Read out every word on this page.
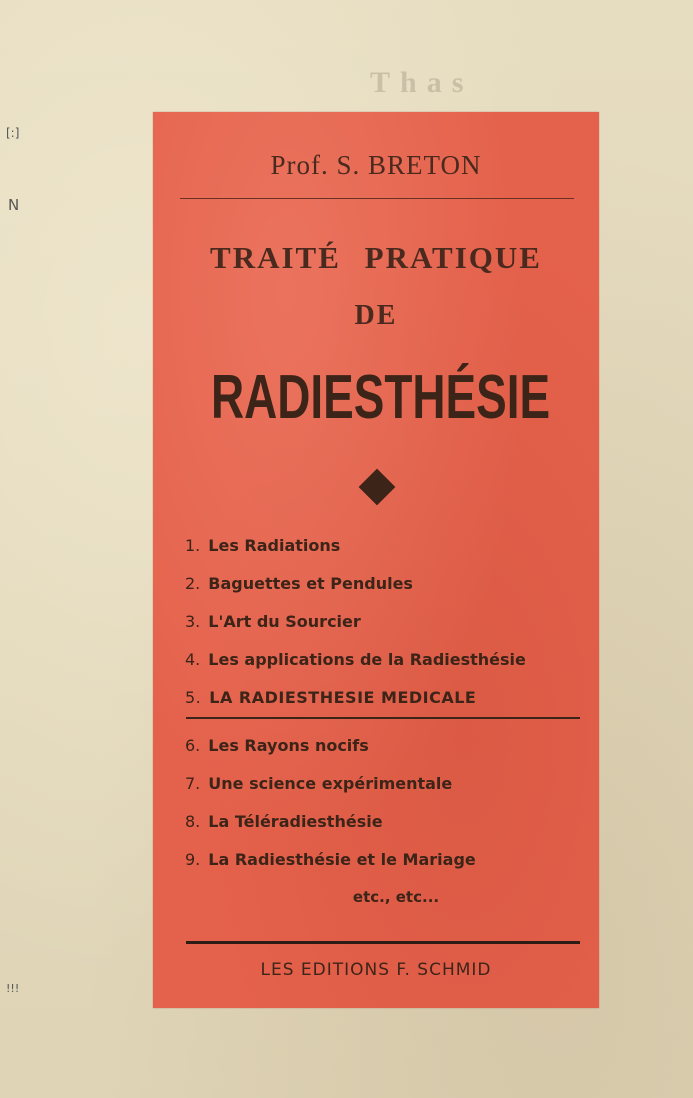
[:]
N
!!!
Thas
Prof. S. BRETON
TRAITÉ PRATIQUE
DE
RADIESTHÉSIE
1. Les Radiations
2. Baguettes et Pendules
3. L'Art du Sourcier
4. Les applications de la Radiesthésie
5. LA RADIESTHESIE MEDICALE
6. Les Rayons nocifs
7. Une science expérimentale
8. La Téléradiesthésie
9. La Radiesthésie et le Mariage
etc., etc...
LES EDITIONS F. SCHMID
